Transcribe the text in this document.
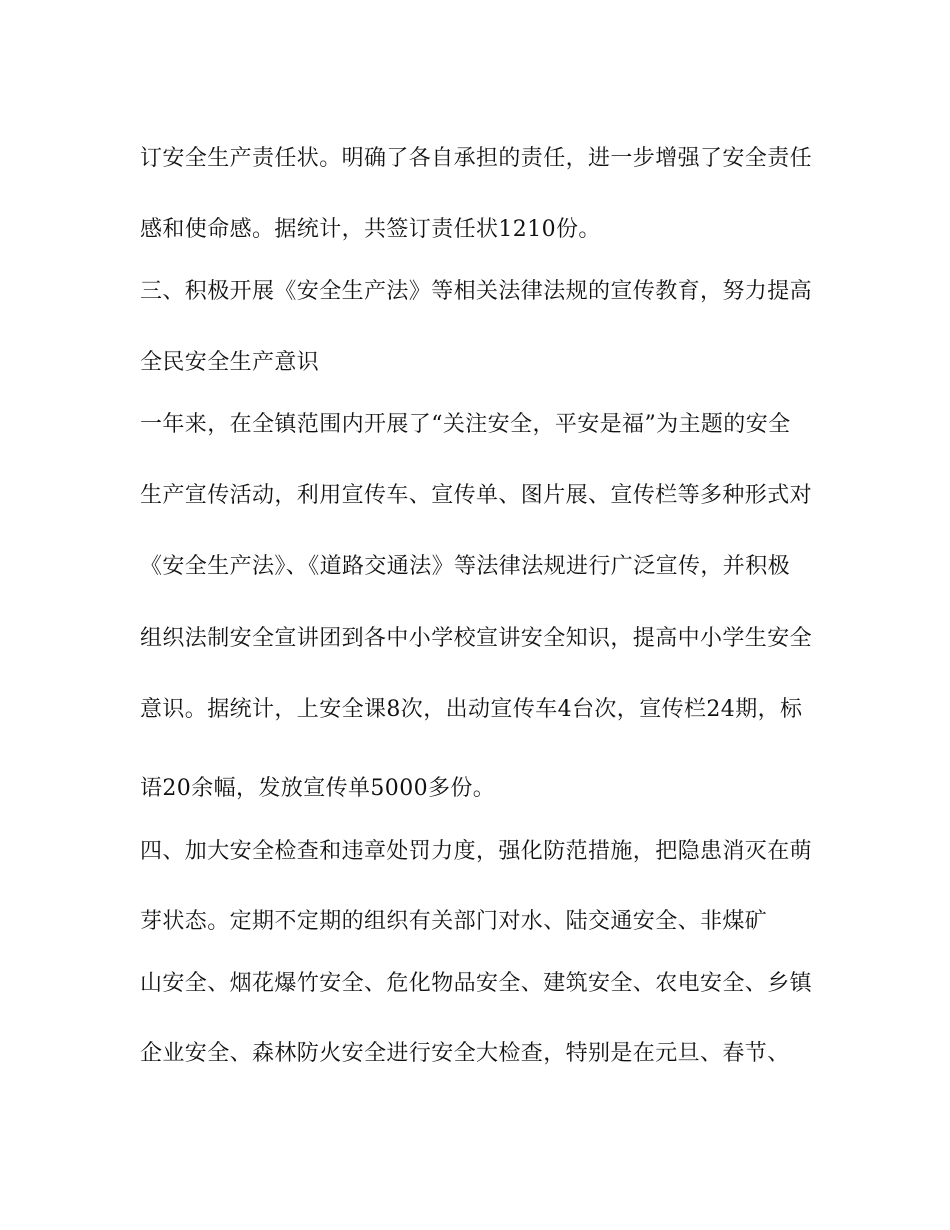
订安全生产责任状。明确了各自承担的责任，进一步增强了安全责任
感和使命感。据统计，共签订责任状1210份。
三、积极开展《安全生产法》等相关法律法规的宣传教育，努力提高
全民安全生产意识
一年来，在全镇范围内开展了“关注安全，平安是福”为主题的安全
生产宣传活动，利用宣传车、宣传单、图片展、宣传栏等多种形式对
《安全生产法》、《道路交通法》等法律法规进行广泛宣传，并积极
组织法制安全宣讲团到各中小学校宣讲安全知识，提高中小学生安全
意识。据统计，上安全课8次，出动宣传车4台次，宣传栏24期，标
语20余幅，发放宣传单5000多份。
四、加大安全检查和违章处罚力度，强化防范措施，把隐患消灭在萌
芽状态。定期不定期的组织有关部门对水、陆交通安全、非煤矿
山安全、烟花爆竹安全、危化物品安全、建筑安全、农电安全、乡镇
企业安全、森林防火安全进行安全大检查，特别是在元旦、春节、
